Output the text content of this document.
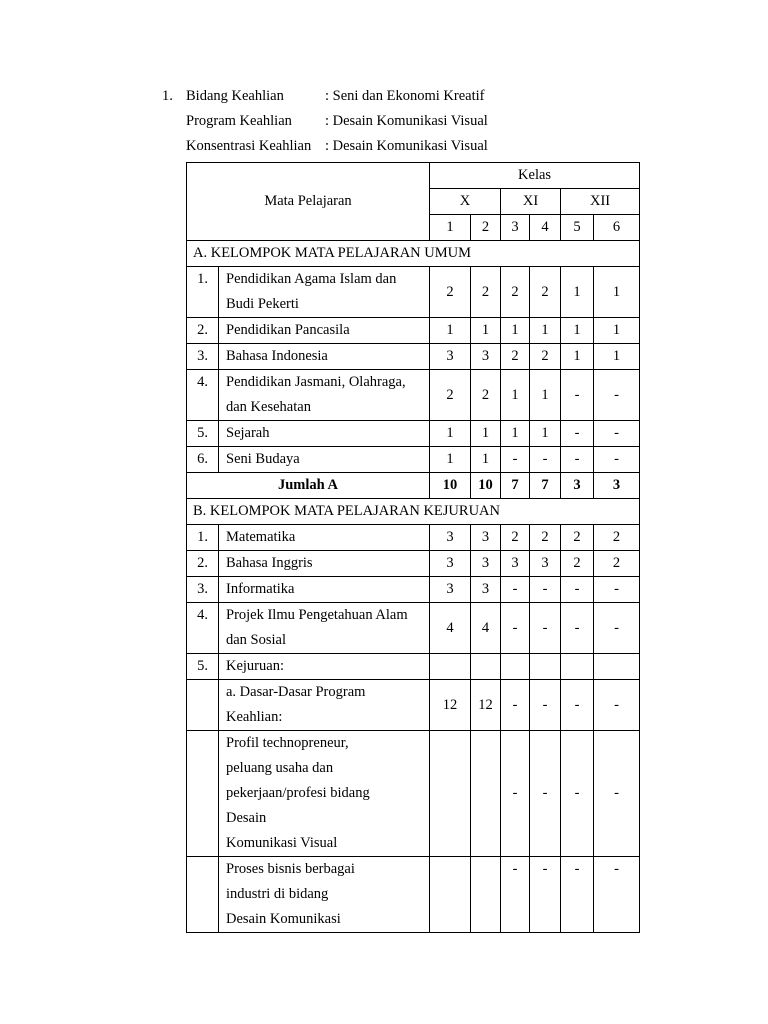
1. Bidang Keahlian	: Seni dan Ekonomi Kreatif
Program Keahlian : Desain Komunikasi Visual
Konsentrasi Keahlian : Desain Komunikasi Visual
Mata Pelajaran		Kelas					
		X		XI		XII	
		1	2	3	4	5	6
A. KELOMPOK MATA PELAJARAN UMUM							
1.	Pendidikan Agama Islam dan
Budi Pekerti	2	2	2	2	1	1
2.	Pendidikan Pancasila	1	1	1	1	1	1
3.	Bahasa Indonesia	3	3	2	2	1	1
4.	Pendidikan Jasmani, Olahraga,
dan Kesehatan	2	2	1	1	-	-
5.	Sejarah	1	1	1	1	-	-
6.	Seni Budaya	1	1	-	-	-	-
Jumlah A		10	10	7	7	3	3
B. KELOMPOK MATA PELAJARAN KEJURUAN							
1.	Matematika	3	3	2	2	2	2
2.	Bahasa Inggris	3	3	3	3	2	2
3.	Informatika	3	3	-	-	-	-
4.	Projek Ilmu Pengetahuan Alam
dan Sosial	4	4	-	-	-	-
5.	Kejuruan:						

	a. Dasar-Dasar Program
Keahlian:	12	12	-	-	-	-

	Profil technopreneur,
peluang usaha dan
pekerjaan/profesi bidang
Desain
Komunikasi Visual			-	-	-	-

	Proses bisnis berbagai
industri di bidang
Desain Komunikasi			-	-	-	-
